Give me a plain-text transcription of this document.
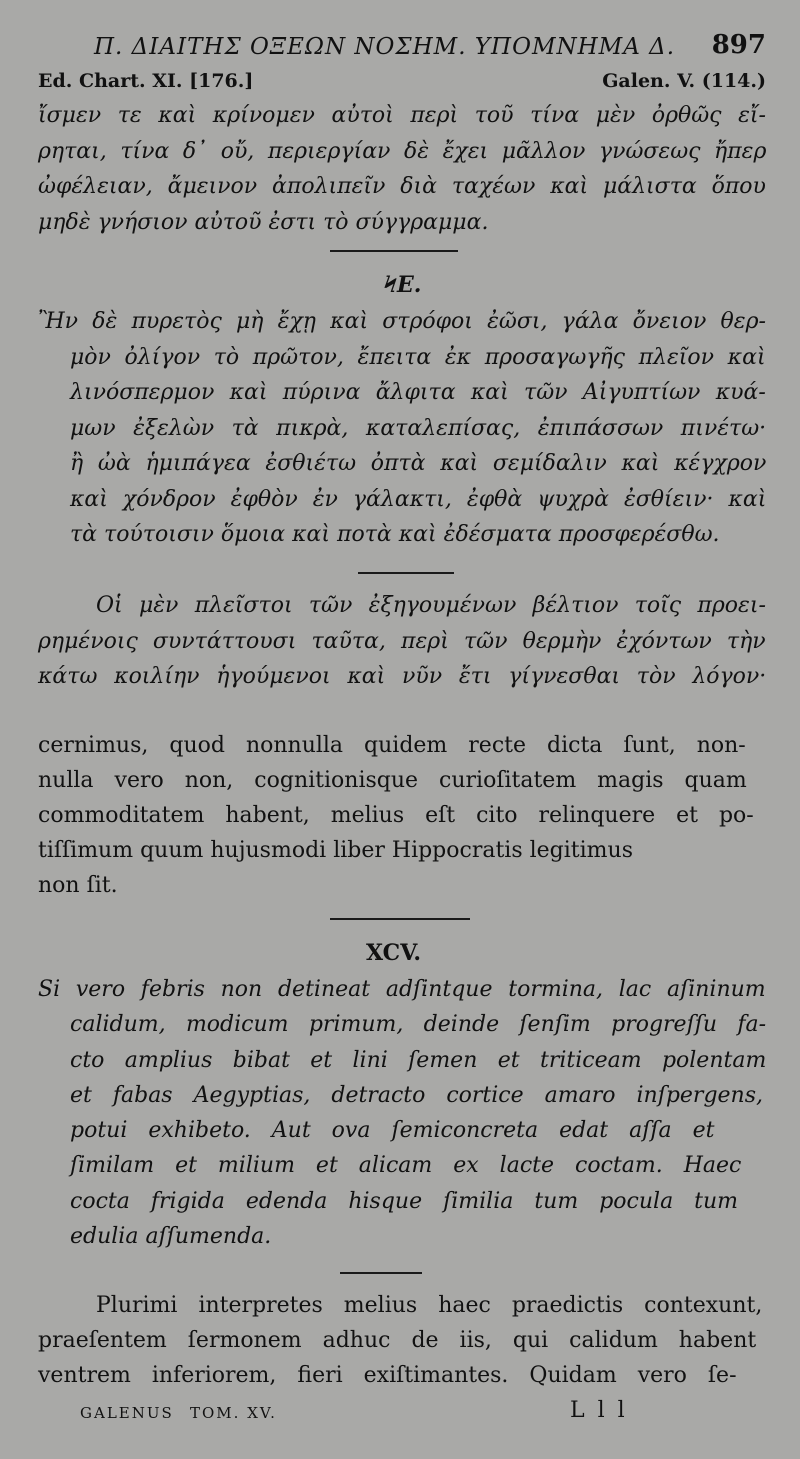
Π. ΔΙΑΙΤΗΣ ΟΞΕΩΝ ΝΟΣΗΜ. ΥΠΟΜΝΗΜΑ Δ. 897
Ed. Chart. XI. [176.]	Galen. V. (114.)
ἴσμεν τε καὶ κρίνομεν αὐτοὶ περὶ τοῦ τίνα μὲν ὀρθῶς εἴ-
ρηται, τίνα δ᾽ οὔ, περιεργίαν δὲ ἔχει μᾶλλον γνώσεως ἤπερ
ὠφέλειαν, ἄμεινον ἀπολιπεῖν διὰ ταχέων καὶ μάλιστα ὅπου
μηδὲ γνήσιον αὐτοῦ ἐστι τὸ σύγγραμμα.
ϞΕ.
Ἢν δὲ πυρετὸς μὴ ἔχῃ καὶ στρόφοι ἐῶσι, γάλα ὄνειον θερ-
μὸν ὀλίγον τὸ πρῶτον, ἔπειτα ἐκ προσαγωγῆς πλεῖον καὶ
λινόσπερμον καὶ πύρινα ἄλφιτα καὶ τῶν Αἰγυπτίων κυά-
μων ἐξελὼν τὰ πικρὰ, καταλεπίσας, ἐπιπάσσων πινέτω·
ἢ ὠὰ ἡμιπάγεα ἐσθιέτω ὀπτὰ καὶ σεμίδαλιν καὶ κέγχρον
καὶ χόνδρον ἐφθὸν ἐν γάλακτι, ἐφθὰ ψυχρὰ ἐσθίειν· καὶ
τὰ τούτοισιν ὅμοια καὶ ποτὰ καὶ ἐδέσματα προσφερέσθω.
Οἱ μὲν πλεῖστοι τῶν ἐξηγουμένων βέλτιον τοῖς προει-
ρημένοις συντάττουσι ταῦτα, περὶ τῶν θερμὴν ἐχόντων τὴν
κάτω κοιλίην ἡγούμενοι καὶ νῦν ἔτι γίγνεσθαι τὸν λόγον·
cernimus, quod nonnulla quidem recte dicta ſunt, non-
nulla vero non, cognitionisque curioſitatem magis quam
commoditatem habent, melius eſt cito relinquere et po-
tiſſimum quum hujusmodi liber Hippocratis legitimus
non ſit.
XCV.
Si vero febris non detineat adſintque tormina, lac aſininum
calidum, modicum primum, deinde ſenſim progreſſu fa-
cto amplius bibat et lini ſemen et triticeam polentam
et fabas Aegyptias, detracto cortice amaro inſpergens,
potui exhibeto. Aut ova ſemiconcreta edat aſſa et
ſimilam et milium et alicam ex lacte coctam. Haec
cocta frigida edenda hisque ſimilia tum pocula tum
edulia aſſumenda.
Plurimi interpretes melius haec praedictis contexunt,
praeſentem ſermonem adhuc de iis, qui calidum habent
ventrem inferiorem, fieri exiſtimantes. Quidam vero ſe-
GALENUS TOM. XV.	L l l
